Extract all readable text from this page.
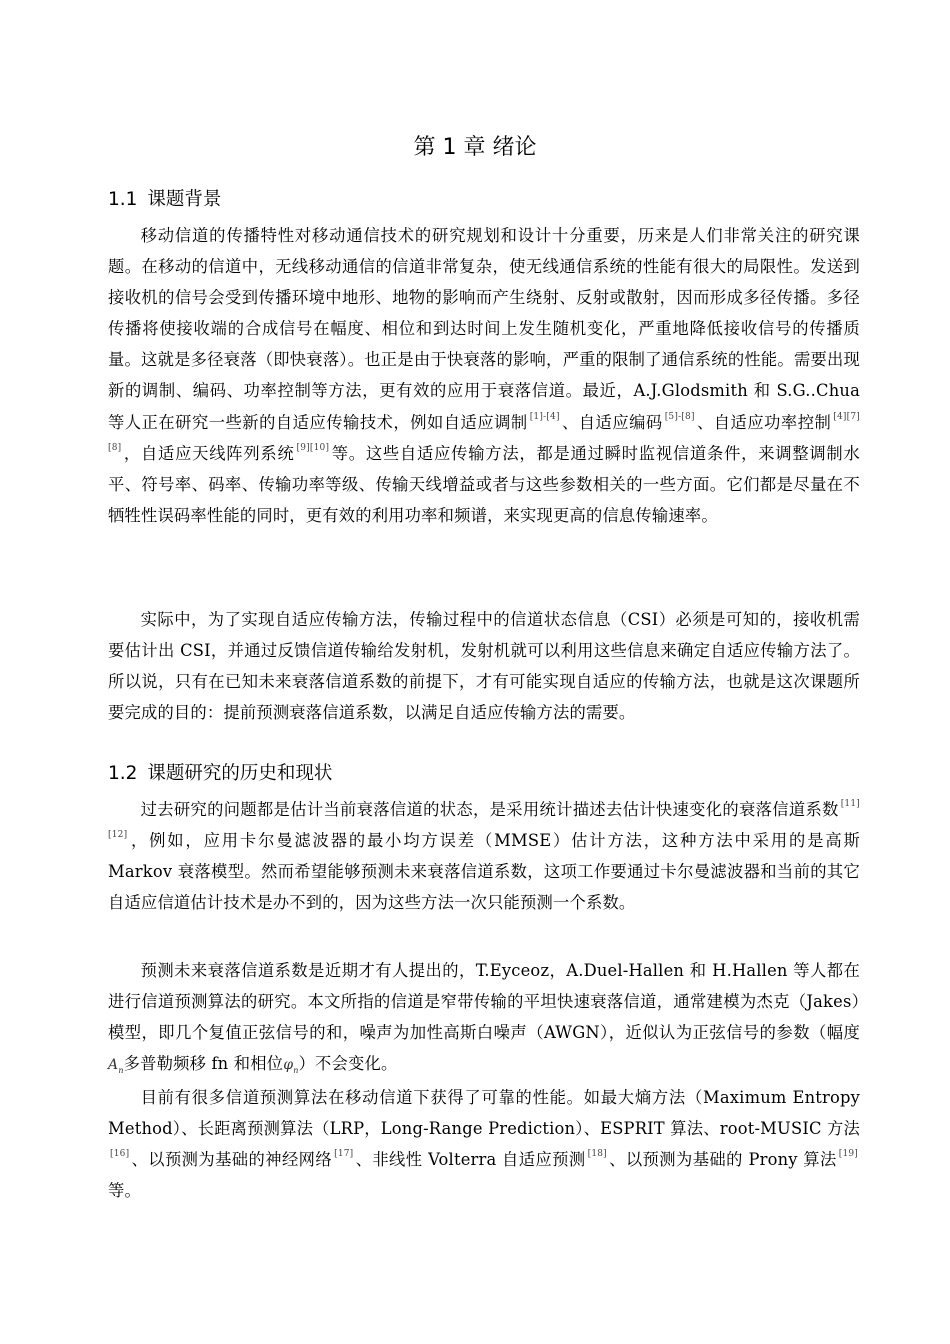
第 1 章 绪论
1.1 课题背景

移动信道的传播特性对移动通信技术的研究规划和设计十分重要，历来是人们非常关注的研究课题。在移动的信道中，无线移动通信的信道非常复杂，使无线通信系统的性能有很大的局限性。发送到接收机的信号会受到传播环境中地形、地物的影响而产生绕射、反射或散射，因而形成多径传播。多径传播将使接收端的合成信号在幅度、相位和到达时间上发生随机变化，严重地降低接收信号的传播质量。这就是多径衰落（即快衰落）。也正是由于快衰落的影响，严重的限制了通信系统的性能。需要出现新的调制、编码、功率控制等方法，更有效的应用于衰落信道。最近，A.J.Glodsmith 和 S.G..Chua 等人正在研究一些新的自适应传输技术，例如自适应调制 [1]-[4] 、自适应编码 [5]-[8] 、自适应功率控制 [4][7][8] ，自适应天线阵列系统 [9][10] 等。这些自适应传输方法，都是通过瞬时监视信道条件，来调整调制水平、符号率、码率、传输功率等级、传输天线增益或者与这些参数相关的一些方面。它们都是尽量在不牺牲性误码率性能的同时，更有效的利用功率和频谱，来实现更高的信息传输速率。

实际中，为了实现自适应传输方法，传输过程中的信道状态信息（CSI）必须是可知的，接收机需要估计出 CSI，并通过反馈信道传输给发射机，发射机就可以利用这些信息来确定自适应传输方法了。所以说，只有在已知未来衰落信道系数的前提下，才有可能实现自适应的传输方法，也就是这次课题所要完成的目的：提前预测衰落信道系数，以满足自适应传输方法的需要。

1.2 课题研究的历史和现状

过去研究的问题都是估计当前衰落信道的状态，是采用统计描述去估计快速变化的衰落信道系数 [11][12] ，例如，应用卡尔曼滤波器的最小均方误差（MMSE）估计方法，这种方法中采用的是高斯 Markov 衰落模型。然而希望能够预测未来衰落信道系数，这项工作要通过卡尔曼滤波器和当前的其它自适应信道估计技术是办不到的，因为这些方法一次只能预测一个系数。

预测未来衰落信道系数是近期才有人提出的，T.Eyceoz，A.Duel-Hallen 和 H.Hallen 等人都在进行信道预测算法的研究。本文所指的信道是窄带传输的平坦快速衰落信道，通常建模为杰克（Jakes）模型，即几个复值正弦信号的和，噪声为加性高斯白噪声（AWGN），近似认为正弦信号的参数（幅度$A_n$多普勒频移 fn 和相位$\varphi_n$）不会变化。

目前有很多信道预测算法在移动信道下获得了可靠的性能。如最大熵方法（Maximum Entropy Method）、长距离预测算法（LRP，Long-Range Prediction）、ESPRIT 算法、root-MUSIC 方法[16] 、以预测为基础的神经网络 [17] 、非线性 Volterra 自适应预测 [18] 、以预测为基础的 Prony 算法 [19]等。
